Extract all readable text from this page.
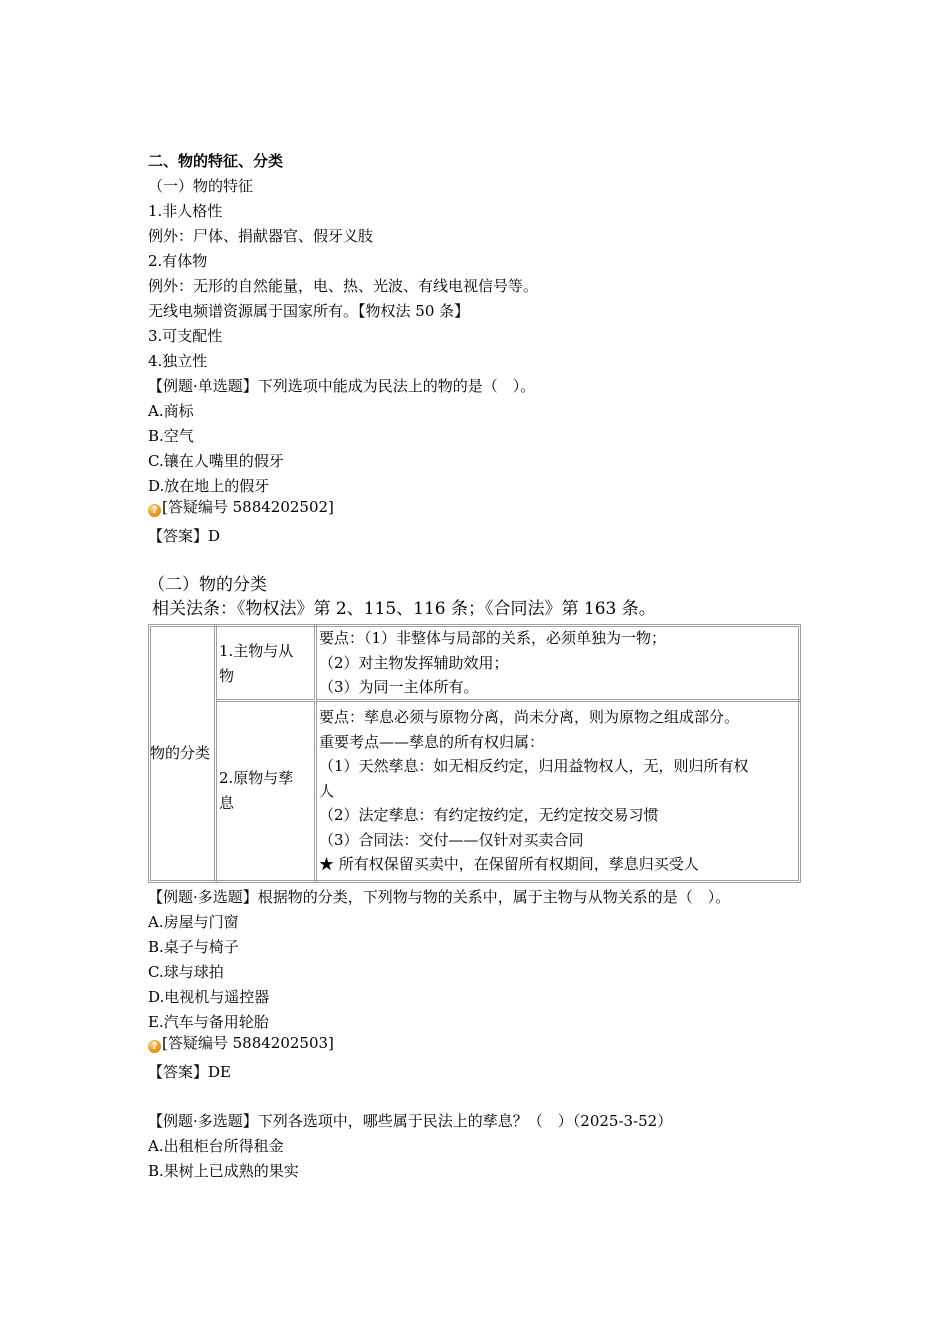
二、物的特征、分类
（一）物的特征
1.非人格性
例外：尸体、捐献器官、假牙义肢
2.有体物
例外：无形的自然能量，电、热、光波、有线电视信号等。
无线电频谱资源属于国家所有。【物权法 50 条】
3.可支配性
4.独立性
【例题·单选题】下列选项中能成为民法上的物的是（　）。
A.商标
B.空气
C.镶在人嘴里的假牙
D.放在地上的假牙
? [答疑编号 5884202502]
【答案】D
（二）物的分类
相关法条：《物权法》第 2、115、116 条；《合同法》第 163 条。
物的分类
1.主物与从
物
要点：（1）非整体与局部的关系，必须单独为一物；
（2）对主物发挥辅助效用；
（3）为同一主体所有。
2.原物与孳
息
要点：孳息必须与原物分离，尚未分离，则为原物之组成部分。
重要考点——孳息的所有权归属：
（1）天然孳息：如无相反约定，归用益物权人，无，则归所有权
人
（2）法定孳息：有约定按约定，无约定按交易习惯
（3）合同法：交付——仅针对买卖合同
★ 所有权保留买卖中，在保留所有权期间，孳息归买受人
【例题·多选题】根据物的分类，下列物与物的关系中，属于主物与从物关系的是（　）。
A.房屋与门窗
B.桌子与椅子
C.球与球拍
D.电视机与遥控器
E.汽车与备用轮胎
? [答疑编号 5884202503]
【答案】DE
【例题·多选题】下列各选项中，哪些属于民法上的孳息？（　）（2025-3-52）
A.出租柜台所得租金
B.果树上已成熟的果实
